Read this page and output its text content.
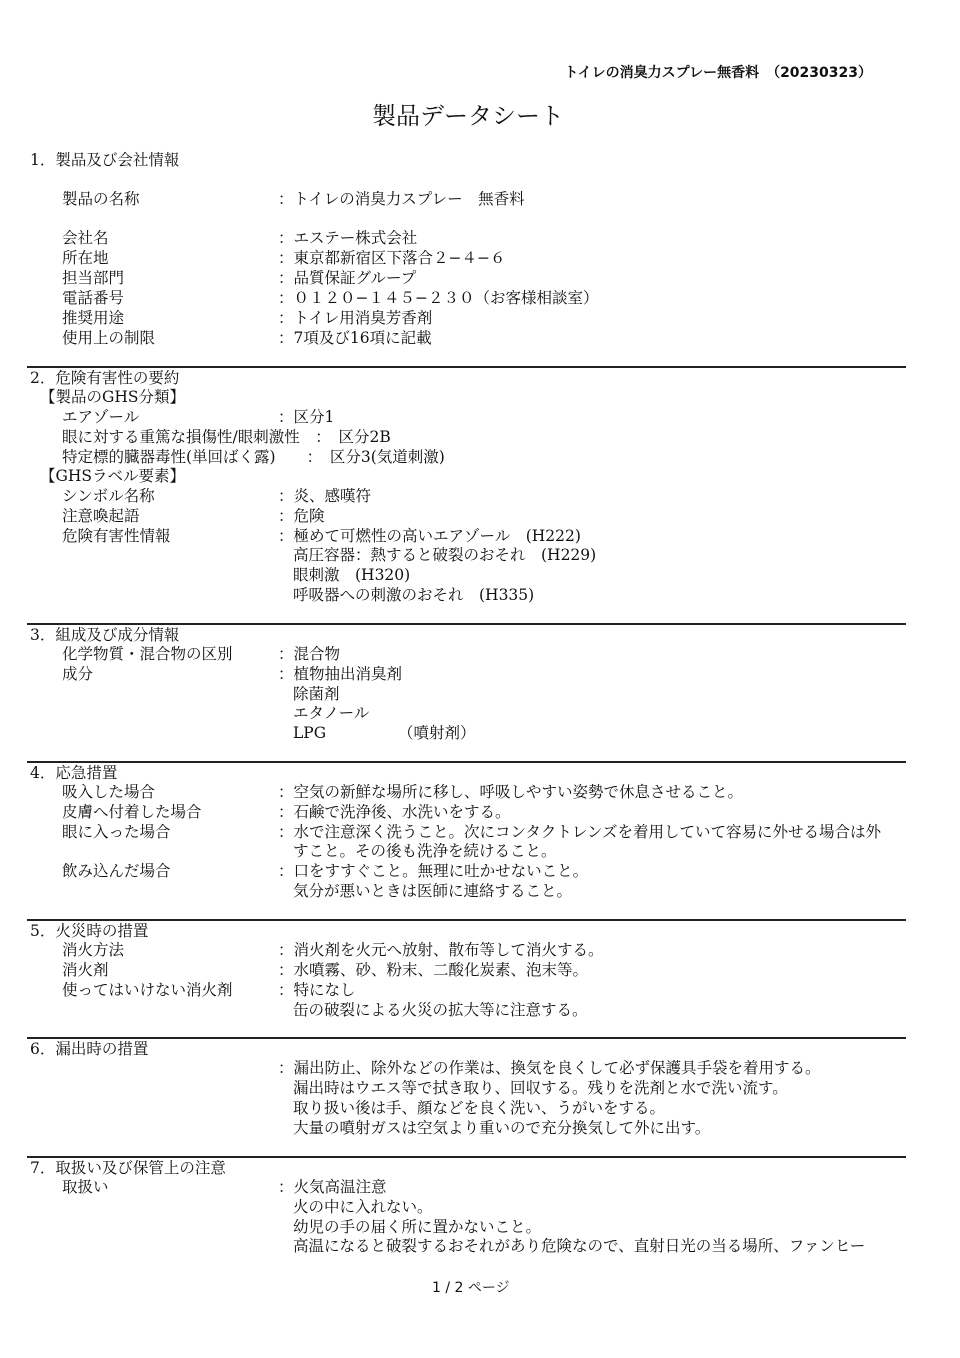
トイレの消臭力スプレー無香料　（20230323）
製品データシート
1．製品及び会社情報
製品の名称	：トイレの消臭力スプレー　無香料
会社名	：エステー株式会社
所在地	：東京都新宿区下落合２−４−６
担当部門	：品質保証グループ
電話番号	：０１２０−１４５−２３０（お客様相談室）
推奨用途	：トイレ用消臭芳香剤
使用上の制限	：7項及び16項に記載
2．危険有害性の要約
【製品のGHS分類】
エアゾール	：区分1
眼に対する重篤な損傷性/眼刺激性　：　区分2B
特定標的臓器毒性(単回ばく露)　　：　区分3(気道刺激)
【GHSラベル要素】
シンボル名称	：炎、感嘆符
注意喚起語	：危険
危険有害性情報	：極めて可燃性の高いエアゾール　(H222)
高圧容器：熱すると破裂のおそれ　(H229)
眼刺激　(H320)
呼吸器への刺激のおそれ　(H335)
3．組成及び成分情報
化学物質・混合物の区別	：混合物
成分	：植物抽出消臭剤
除菌剤
エタノール
LPG	（噴射剤）
4．応急措置
吸入した場合	：空気の新鮮な場所に移し、呼吸しやすい姿勢で休息させること。
皮膚へ付着した場合	：石鹸で洗浄後、水洗いをする。
眼に入った場合	：水で注意深く洗うこと。次にコンタクトレンズを着用していて容易に外せる場合は外
すこと。その後も洗浄を続けること。
飲み込んだ場合	：口をすすぐこと。無理に吐かせないこと。
気分が悪いときは医師に連絡すること。
5．火災時の措置
消火方法	：消火剤を火元へ放射、散布等して消火する。
消火剤	：水噴霧、砂、粉末、二酸化炭素、泡末等。
使ってはいけない消火剤	：特になし
缶の破裂による火災の拡大等に注意する。
6．漏出時の措置
：漏出防止、除外などの作業は、換気を良くして必ず保護具手袋を着用する。
漏出時はウエス等で拭き取り、回収する。残りを洗剤と水で洗い流す。
取り扱い後は手、顔などを良く洗い、うがいをする。
大量の噴射ガスは空気より重いので充分換気して外に出す。
7．取扱い及び保管上の注意
取扱い	：火気高温注意
火の中に入れない。
幼児の手の届く所に置かないこと。
高温になると破裂するおそれがあり危険なので、直射日光の当る場所、ファンヒー
1 / 2 ページ
